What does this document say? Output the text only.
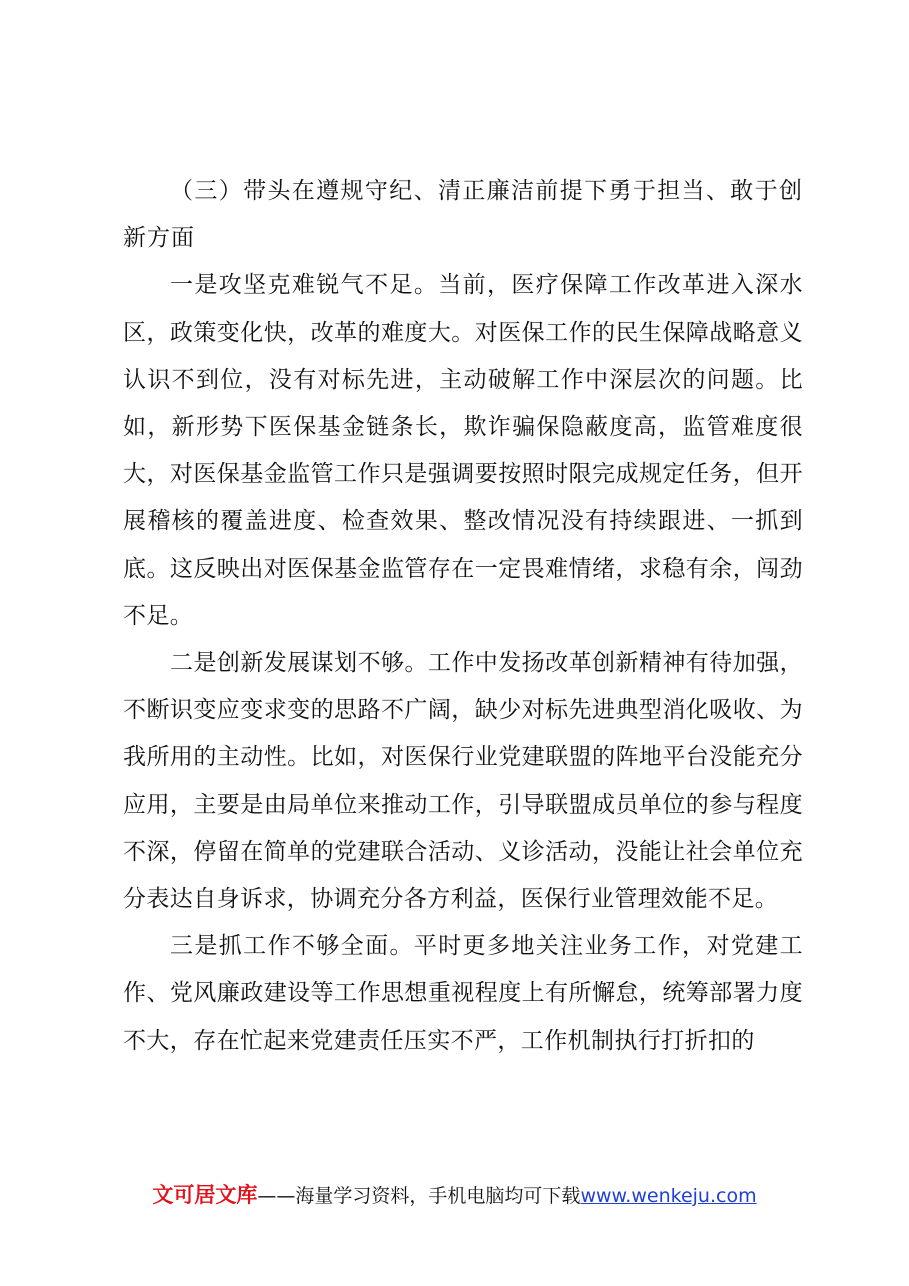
（三）带头在遵规守纪、清正廉洁前提下勇于担当、敢于创新方面

一是攻坚克难锐气不足。当前，医疗保障工作改革进入深水区，政策变化快，改革的难度大。对医保工作的民生保障战略意义认识不到位，没有对标先进，主动破解工作中深层次的问题。比如，新形势下医保基金链条长，欺诈骗保隐蔽度高，监管难度很大，对医保基金监管工作只是强调要按照时限完成规定任务，但开展稽核的覆盖进度、检查效果、整改情况没有持续跟进、一抓到底。这反映出对医保基金监管存在一定畏难情绪，求稳有余，闯劲不足。

二是创新发展谋划不够。工作中发扬改革创新精神有待加强，不断识变应变求变的思路不广阔，缺少对标先进典型消化吸收、为我所用的主动性。比如，对医保行业党建联盟的阵地平台没能充分应用，主要是由局单位来推动工作，引导联盟成员单位的参与程度不深，停留在简单的党建联合活动、义诊活动，没能让社会单位充分表达自身诉求，协调充分各方利益，医保行业管理效能不足。

三是抓工作不够全面。平时更多地关注业务工作，对党建工作、党风廉政建设等工作思想重视程度上有所懈怠，统筹部署力度不大，存在忙起来党建责任压实不严，工作机制执行打折扣的

文可居文库——海量学习资料，手机电脑均可下载www.wenkeju.com
